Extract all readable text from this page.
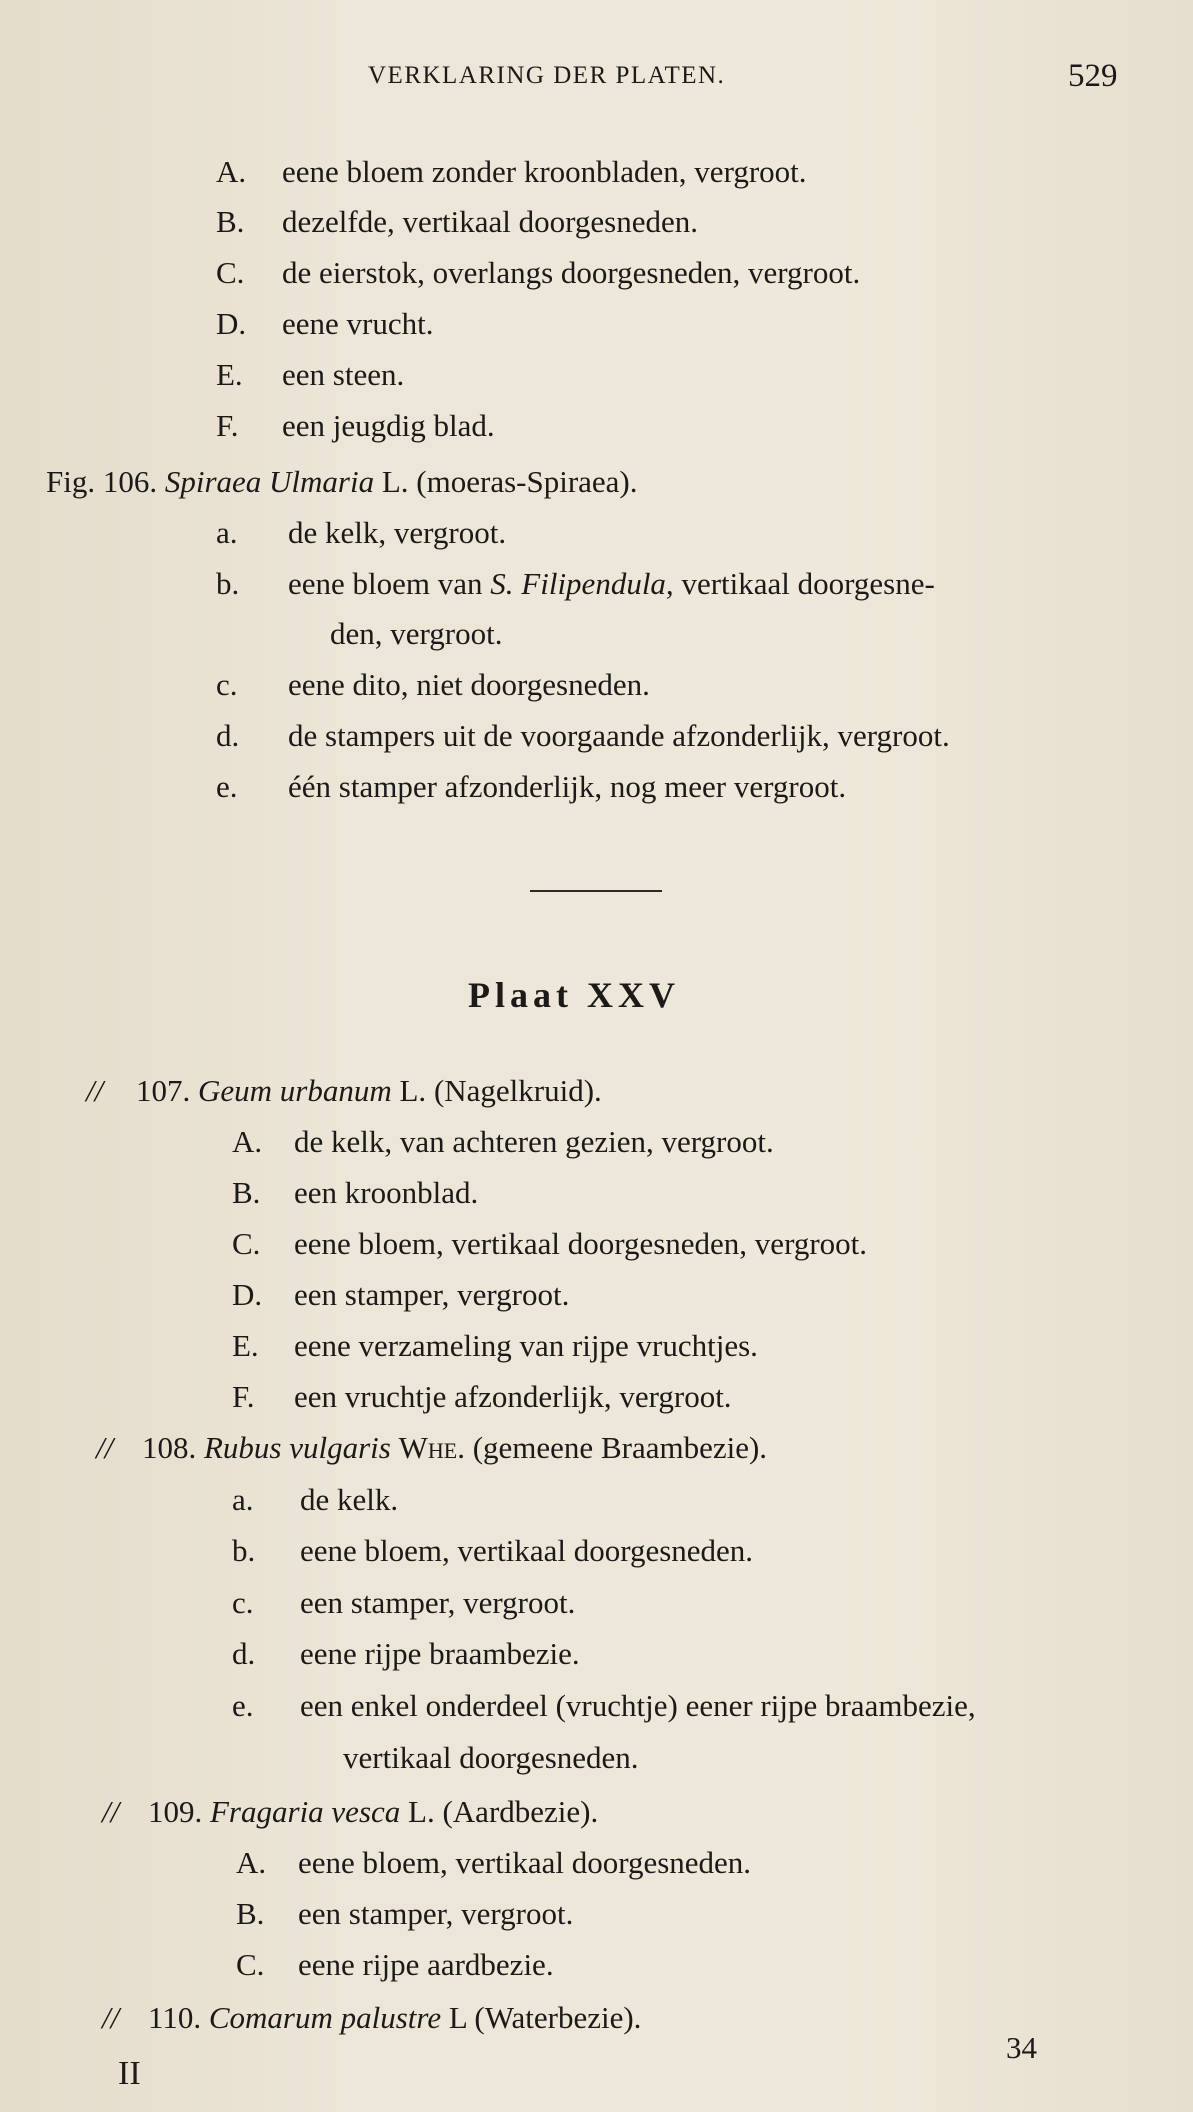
VERKLARING DER PLATEN.	529
A. eene bloem zonder kroonbladen, vergroot.
B. dezelfde, vertikaal doorgesneden.
C. de eierstok, overlangs doorgesneden, vergroot.
D. eene vrucht.
E. een steen.
F. een jeugdig blad.
Fig. 106. Spiraea Ulmaria L. (moeras-Spiraea).
a. de kelk, vergroot.
b. eene bloem van S. Filipendula, vertikaal doorgesne-
den, vergroot.
c. eene dito, niet doorgesneden.
d. de stampers uit de voorgaande afzonderlijk, vergroot.
e. één stamper afzonderlijk, nog meer vergroot.
Plaat XXV
// 107. Geum urbanum L. (Nagelkruid).
A. de kelk, van achteren gezien, vergroot.
B. een kroonblad.
C. eene bloem, vertikaal doorgesneden, vergroot.
D. een stamper, vergroot.
E. eene verzameling van rijpe vruchtjes.
F. een vruchtje afzonderlijk, vergroot.
// 108. Rubus vulgaris Whe. (gemeene Braambezie).
a. de kelk.
b. eene bloem, vertikaal doorgesneden.
c. een stamper, vergroot.
d. eene rijpe braambezie.
e. een enkel onderdeel (vruchtje) eener rijpe braambezie,
vertikaal doorgesneden.
// 109. Fragaria vesca L. (Aardbezie).
A. eene bloem, vertikaal doorgesneden.
B. een stamper, vergroot.
C. eene rijpe aardbezie.
// 110. Comarum palustre L (Waterbezie).
II
34
